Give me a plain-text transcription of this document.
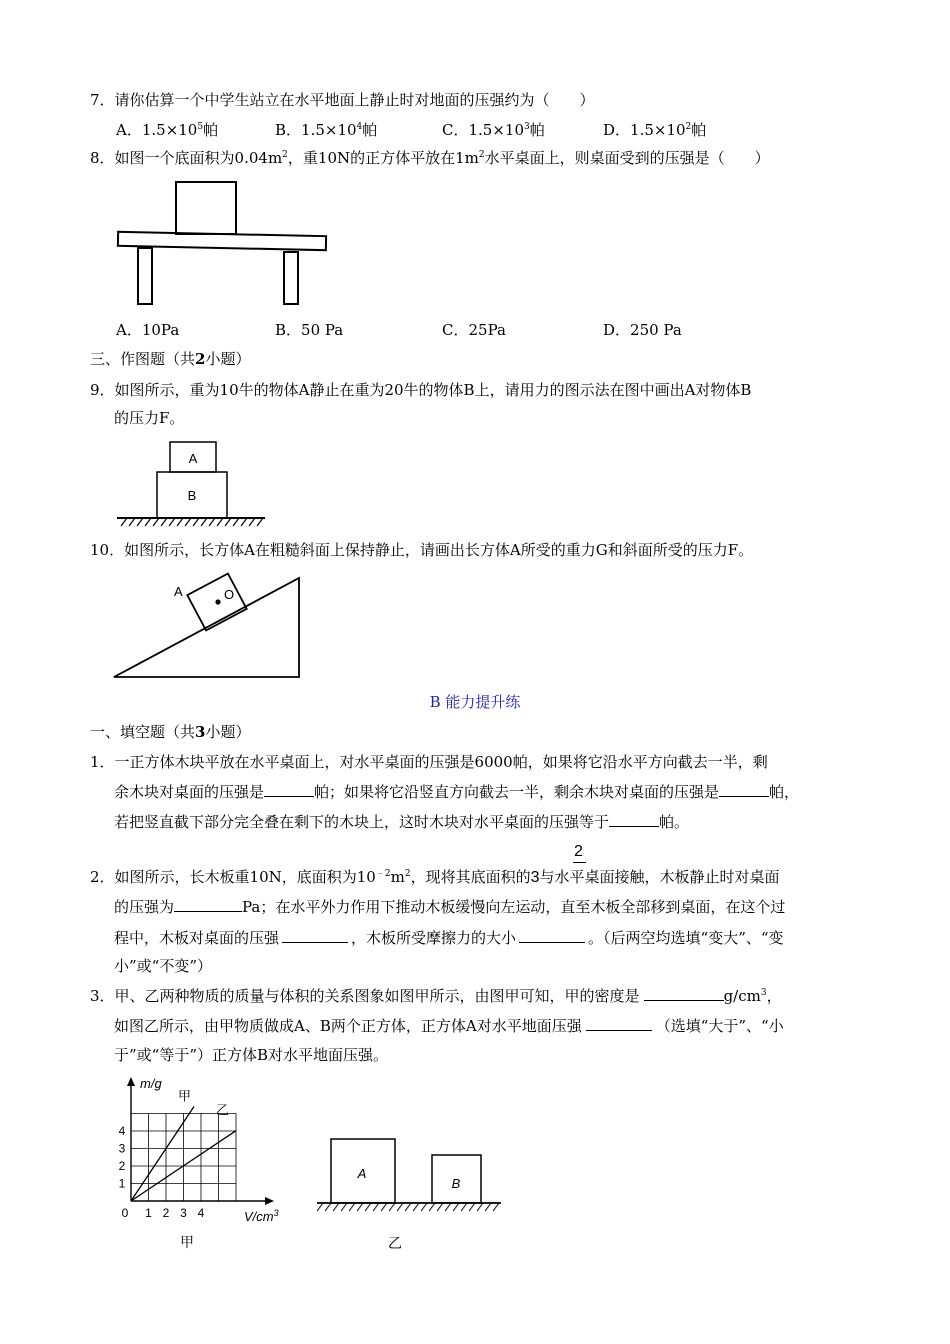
7．请你估算一个中学生站立在水平地面上静止时对地面的压强约为（　　）
A．$1.5\times 10^5$帕	B．$1.5\times 10^4$帕	C．$1.5\times 10^3$帕	D．$1.5\times 10^2$帕
8．如图一个底面积为$0.04m^2$，重10N的正方体平放在$1m^2$水平桌面上，则桌面受到的压强是（　　）
A．10Pa	B．50 Pa	C．25Pa	D．250 Pa
三、作图题（共2小题）
9．如图所示，重为10牛的物体A静止在重为20牛的物体B上，请用力的图示法在图中画出A对物体B
的压力F。
A
B
10．如图所示，长方体A在粗糙斜面上保持静止，请画出长方体A所受的重力G和斜面所受的压力F。
O
A
B 能力提升练
一、填空题（共3小题）
1．一正方体木块平放在水平桌面上，对水平桌面的压强是6000帕，如果将它沿水平方向截去一半，剩
余木块对桌面的压强是	帕；如果将它沿竖直方向截去一半，剩余木块对桌面的压强是	帕，
若把竖直截下部分完全叠在剩下的木块上，这时木块对水平桌面的压强等于	帕。
2
2．如图所示，长木板重10N，底面积为$10^{﹣2}m^2$，现将其底面积的3与水平桌面接触，木板静止时对桌面
的压强为	Pa；在水平外力作用下推动木板缓慢向左运动，直至木板全部移到桌面，在这个过
程中，木板对桌面的压强	，木板所受摩擦力的大小	。（后两空均选填“变大”、“变
小”或“不变”）
3．甲、乙两种物质的质量与体积的关系图象如图甲所示，由图甲可知，甲的密度是	$g/cm^3$，
如图乙所示，由甲物质做成A、B两个正方体，正方体A对水平地面压强	（选填“大于”、“小
于”或“等于”）正方体B对水平地面压强。
甲
乙
1
2
3
4
0 1 2 3 4
m/g
$V/cm^3$
甲
A
B
乙
